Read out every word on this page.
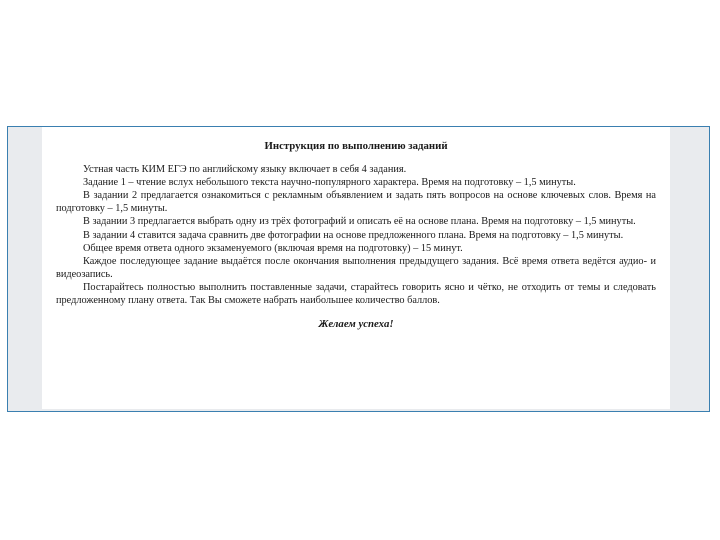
Инструкция по выполнению заданий

Устная часть КИМ ЕГЭ по английскому языку включает в себя 4 задания.

Задание 1 – чтение вслух небольшого текста научно-популярного характера. Время на подготовку – 1,5 минуты.

В задании 2 предлагается ознакомиться с рекламным объявлением и задать пять вопросов на основе ключевых слов. Время на подготовку – 1,5 минуты.

В задании 3 предлагается выбрать одну из трёх фотографий и описать её на основе плана. Время на подготовку – 1,5 минуты.

В задании 4 ставится задача сравнить две фотографии на основе предложенного плана. Время на подготовку – 1,5 минуты.

Общее время ответа одного экзаменуемого (включая время на подготовку) – 15 минут.

Каждое последующее задание выдаётся после окончания выполнения предыдущего задания. Всё время ответа ведётся аудио- и видеозапись.

Постарайтесь полностью выполнить поставленные задачи, старайтесь говорить ясно и чётко, не отходить от темы и следовать предложенному плану ответа. Так Вы сможете набрать наибольшее количество баллов.

Желаем успеха!
